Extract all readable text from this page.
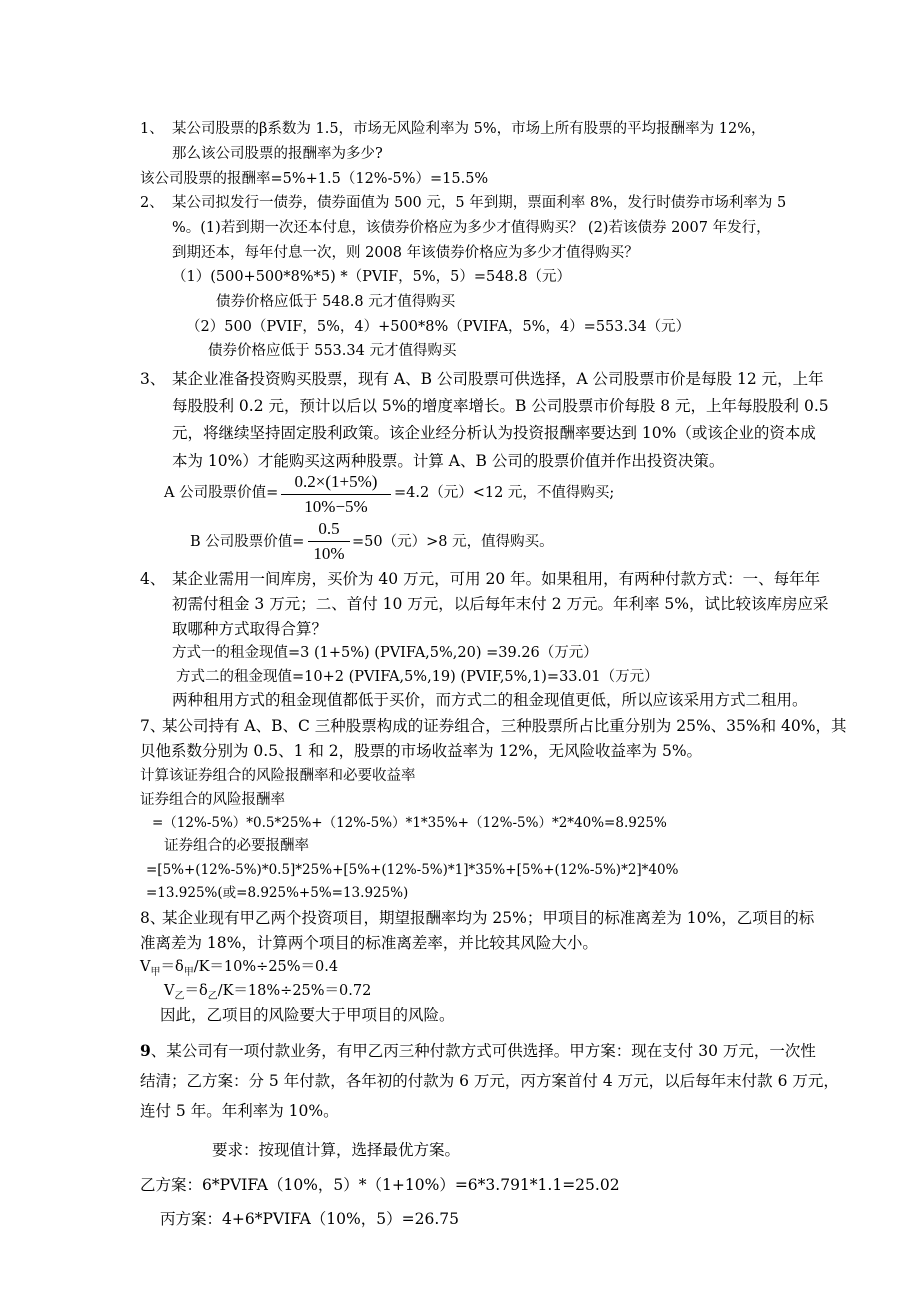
1、 某公司股票的β系数为 1.5，市场无风险利率为 5%，市场上所有股票的平均报酬率为 12%，
那么该公司股票的报酬率为多少?
该公司股票的报酬率=5%+1.5（12%-5%）=15.5%
2、 某公司拟发行一债券，债券面值为 500 元，5 年到期，票面利率 8%，发行时债券市场利率为 5
%。(1)若到期一次还本付息，该债券价格应为多少才值得购买？ (2)若该债券 2007 年发行，
到期还本，每年付息一次，则 2008 年该债券价格应为多少才值得购买？
（1）(500+500*8%*5) *（PVIF，5%，5）=548.8（元）
债券价格应低于 548.8 元才值得购买
（2）500（PVIF，5%，4）+500*8%（PVIFA，5%，4）=553.34（元）
债券价格应低于 553.34 元才值得购买
3、 某企业准备投资购买股票，现有 A、B 公司股票可供选择，A 公司股票市价是每股 12 元，上年
每股股利 0.2 元，预计以后以 5%的增度率增长。B 公司股票市价每股 8 元，上年每股股利 0.5
元，将继续坚持固定股利政策。该企业经分析认为投资报酬率要达到 10%（或该企业的资本成
本为 10%）才能购买这两种股票。计算 A、B 公司的股票价值并作出投资决策。
A 公司股票价值=
0.2×(1+5%)
10%−5%
=4.2（元）<12 元，不值得购买;
B 公司股票价值=
0.5
10%
=50（元）>8 元，值得购买。
4、 某企业需用一间库房，买价为 40 万元，可用 20 年。如果租用，有两种付款方式：一、每年年
初需付租金 3 万元；二、首付 10 万元，以后每年末付 2 万元。年利率 5%，试比较该库房应采
取哪种方式取得合算？
方式一的租金现值=3 (1+5%) (PVIFA,5%,20) =39.26（万元）
方式二的租金现值=10+2 (PVIFA,5%,19) (PVIF,5%,1)=33.01（万元）
两种租用方式的租金现值都低于买价，而方式二的租金现值更低，所以应该采用方式二租用。
7、
某公司持有 A、B、C 三种股票构成的证券组合，三种股票所占比重分别为 25%、35%和 40%，其
贝他系数分别为 0.5、1 和 2，股票的市场收益率为 12%，无风险收益率为 5%。
计算该证券组合的风险报酬率和必要收益率
证券组合的风险报酬率
=（12%-5%）*0.5*25%+（12%-5%）*1*35%+（12%-5%）*2*40%=8.925%
证券组合的必要报酬率
=[5%+(12%-5%)*0.5]*25%+[5%+(12%-5%)*1]*35%+[5%+(12%-5%)*2]*40%
=13.925%(或=8.925%+5%=13.925%)
8、
某企业现有甲乙两个投资项目，期望报酬率均为 25%；甲项目的标准离差为 10%，乙项目的标
准离差为 18%，计算两个项目的标准离差率，并比较其风险大小。
$V_甲=\delta_甲/K=10\%\div 25\%=0.4$
$V_乙=\delta_乙/K=18\%\div 25\%=0.72$
因此，乙项目的风险要大于甲项目的风险。
9、某公司有一项付款业务，有甲乙丙三种付款方式可供选择。甲方案：现在支付 30 万元，一次性
结清；乙方案：分 5 年付款，各年初的付款为 6 万元，丙方案首付 4 万元，以后每年末付款 6 万元，
连付 5 年。年利率为 10%。
要求：按现值计算，选择最优方案。
乙方案：6*PVIFA（10%，5）*（1+10%）=6*3.791*1.1=25.02
丙方案：4+6*PVIFA（10%，5）=26.75
